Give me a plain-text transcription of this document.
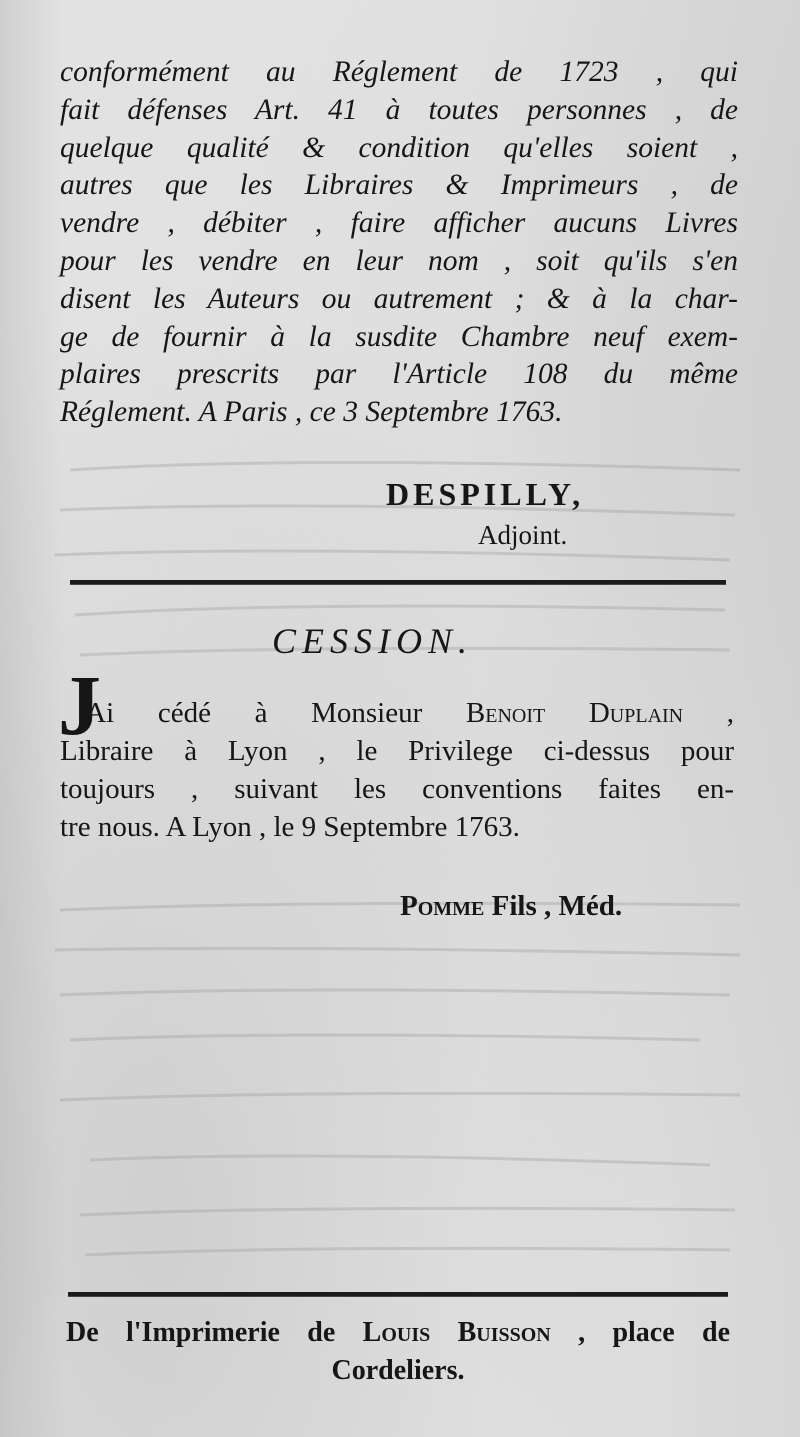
conformément au Réglement de 1723 , qui
fait défenses Art. 41 à toutes personnes , de
quelque qualité & condition qu'elles soient ,
autres que les Libraires & Imprimeurs , de
vendre , débiter , faire afficher aucuns Livres
pour les vendre en leur nom , soit qu'ils s'en
disent les Auteurs ou autrement ; & à la char-
ge de fournir à la susdite Chambre neuf exem-
plaires prescrits par l'Article 108 du même
Réglement. A Paris , ce 3 Septembre 1763.
DESPILLY,
Adjoint.
CESSION.
J
'Ai cédé à Monsieur Benoit Duplain ,
Libraire à Lyon , le Privilege ci-dessus pour
toujours , suivant les conventions faites en-
tre nous. A Lyon , le 9 Septembre 1763.
Pomme Fils , Méd.
De l'Imprimerie de Louis Buisson , place de
Cordeliers.
